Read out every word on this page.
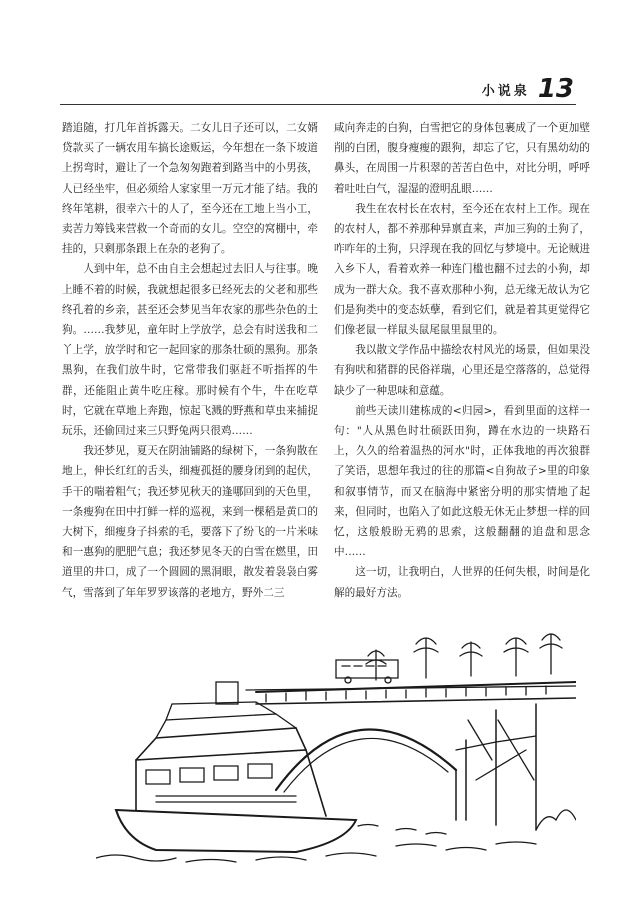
小说泉 13

踏追随，打几年首拆露天。二女儿日子还可以，二女婿贷款买了一辆农用车搞长途贩运，今年想在一条下坡道上拐弯时，避让了一个急匆匆跑着到路当中的小男孩，人已经坐牢，但必须给人家家里一万元才能了结。我的终年笔耕，很幸六十的人了，至今还在工地上当小工，卖苦力筹钱来营救一个奇而的女儿。空空的窝棚中，牵挂的，只剩那条跟上在杂的老狗了。

人到中年，总不由自主会想起过去旧人与往事。晚上睡不着的时候，我就想起很多已经死去的父老和那些终孔着的乡亲，甚至还会梦见当年农家的那些杂色的土狗。……我梦见，童年时上学放学，总会有时送我和二丫上学，放学时和它一起回家的那条壮硕的黑狗。那条黑狗，在我们放牛时，它常带我们驱赶不听指挥的牛群，还能阻止黄牛吃庄稼。那时候有个牛，牛在吃草时，它就在草地上奔跑，惊起飞溅的野燕和草虫来捕捉玩乐，还偷回过来三只野兔两只很鸡……

我还梦见，夏天在阴油铺路的绿树下，一条狗散在地上，伸长红红的舌头，细瘦孤挺的腰身闭到的起伏，手干的喘着粗气；我还梦见秋天的逢哪回到的天色里，一条瘦狗在田中打鲜一样的巡视，来到一棵稻是黄口的大树下，细瘦身子抖索的毛，要落下了纷飞的一片米味和一惠狗的肥肥气息；我还梦见冬天的白雪在燃里，田道里的井口，成了一个圆圆的黑洞眼，散发着袅袅白雾气，雪落到了年年罗罗该落的老地方，野外二三

咸向奔走的白狗，白雪把它的身体包裹成了一个更加壁削的白团，腹身瘦瘦的跟狗，却忘了它，只有黑幼幼的鼻头，在周围一片积翠的苦苦白色中，对比分明，呼呼着吐吐白气，湿湿的澄明乱眼……

我生在农村长在农村，至今还在农村上工作。现在的农村人，都不养那种异禀直来，声加三狗的土狗了，咋咋年的土狗，只浮现在我的回忆与梦境中。无论贼进入乡下人，看着欢养一种连门槛也翻不过去的小狗，却成为一群大众。我不喜欢那种小狗，总无缘无故认为它们是狗类中的变态妖孽，看到它们，就是着其更觉得它们像老鼠一样鼠头鼠尾鼠里鼠里的。

我以散文学作品中描绘农村风光的场景，但如果没有狗吠和猪群的民俗祥瑞，心里还是空落落的，总觉得缺少了一种思味和意蕴。

前些天读川建栋成的<归园>，看到里面的这样一句："人从黑色时壮硕跃田狗，蹲在水边的一块路石上，久久的给着温热的河水"时，正体我地的再次狼群了笑语，思想年我过的往的那篇<自狗故子>里的印象和叙事情节，而又在脑海中紧密分明的那实情地了起来，但同时，也陷入了如此这般无休无止梦想一样的回忆，这般般盼无鸦的思索，这般翻翻的追盘和思念中……

这一切，让我明白，人世界的任何失根，时间是化解的最好方法。
